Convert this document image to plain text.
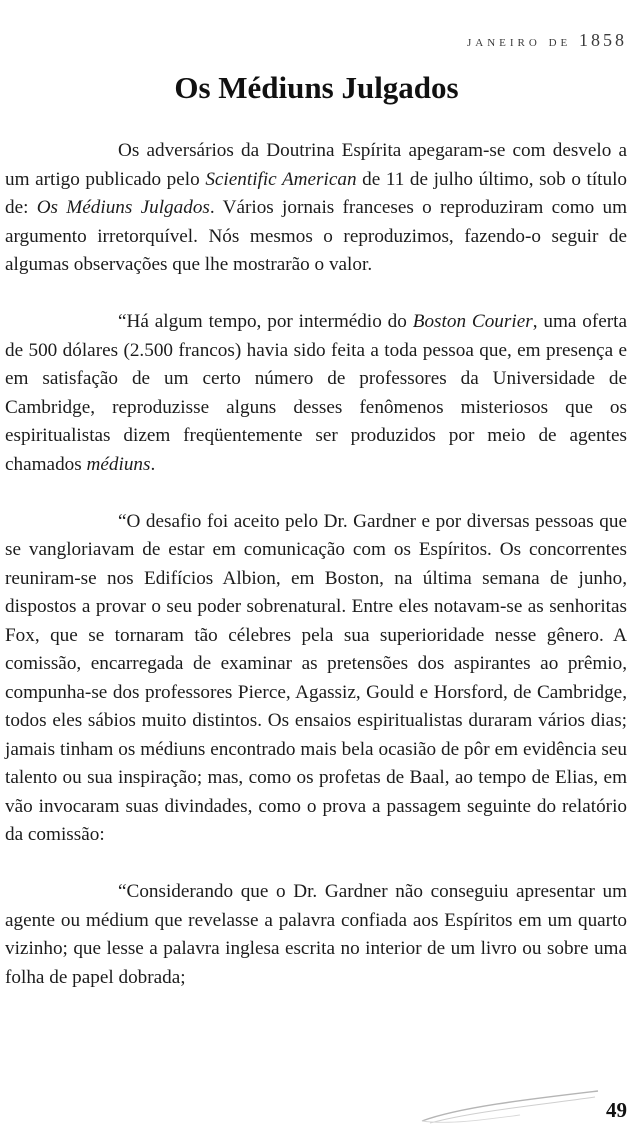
janeiro de 1858
Os Médiuns Julgados

Os adversários da Doutrina Espírita apegaram-se com desvelo a um artigo publicado pelo Scientific American de 11 de julho último, sob o título de: Os Médiuns Julgados. Vários jornais franceses o reproduziram como um argumento irretorquível. Nós mesmos o reproduzimos, fazendo-o seguir de algumas observações que lhe mostrarão o valor.

“Há algum tempo, por intermédio do Boston Courier, uma oferta de 500 dólares (2.500 francos) havia sido feita a toda pessoa que, em presença e em satisfação de um certo número de professores da Universidade de Cambridge, reproduzisse alguns desses fenômenos misteriosos que os espiritualistas dizem freqüentemente ser produzidos por meio de agentes chamados médiuns.

“O desafio foi aceito pelo Dr. Gardner e por diversas pessoas que se vangloriavam de estar em comunicação com os Espíritos. Os concorrentes reuniram-se nos Edifícios Albion, em Boston, na última semana de junho, dispostos a provar o seu poder sobrenatural. Entre eles notavam-se as senhoritas Fox, que se tornaram tão célebres pela sua superioridade nesse gênero. A comissão, encarregada de examinar as pretensões dos aspirantes ao prêmio, compunha-se dos professores Pierce, Agassiz, Gould e Horsford, de Cambridge, todos eles sábios muito distintos. Os ensaios espiritualistas duraram vários dias; jamais tinham os médiuns encontrado mais bela ocasião de pôr em evidência seu talento ou sua inspiração; mas, como os profetas de Baal, ao tempo de Elias, em vão invocaram suas divindades, como o prova a passagem seguinte do relatório da comissão:

“Considerando que o Dr. Gardner não conseguiu apresentar um agente ou médium que revelasse a palavra confiada aos Espíritos em um quarto vizinho; que lesse a palavra inglesa escrita no interior de um livro ou sobre uma folha de papel dobrada;

49
